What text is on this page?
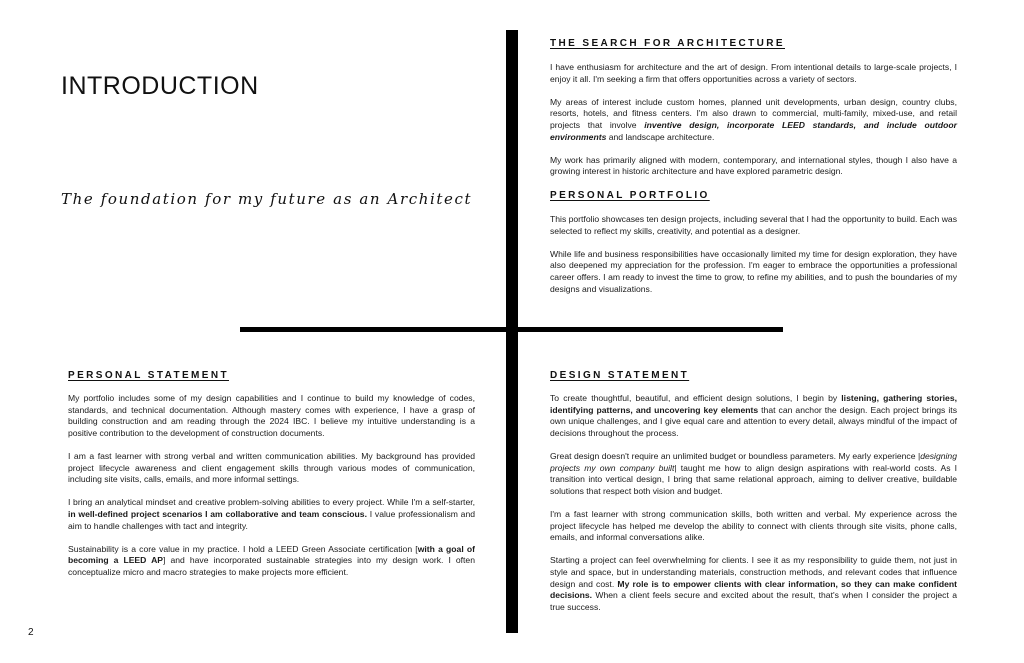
INTRODUCTION
The foundation for my future as an Architect
THE SEARCH FOR ARCHITECTURE

I have enthusiasm for architecture and the art of design. From intentional details to large-scale projects, I enjoy it all. I'm seeking a firm that offers opportunities across a variety of sectors.

My areas of interest include custom homes, planned unit developments, urban design, country clubs, resorts, hotels, and fitness centers. I'm also drawn to commercial, multi-family, mixed-use, and retail projects that involve inventive design, incorporate LEED standards, and include outdoor environments and landscape architecture.

My work has primarily aligned with modern, contemporary, and international styles, though I also have a growing interest in historic architecture and have explored parametric design.

PERSONAL PORTFOLIO

This portfolio showcases ten design projects, including several that I had the opportunity to build. Each was selected to reflect my skills, creativity, and potential as a designer.

While life and business responsibilities have occasionally limited my time for design exploration, they have also deepened my appreciation for the profession. I'm eager to embrace the opportunities a professional career offers. I am ready to invest the time to grow, to refine my abilities, and to push the boundaries of my designs and visualizations.

PERSONAL STATEMENT

My portfolio includes some of my design capabilities and I continue to build my knowledge of codes, standards, and technical documentation. Although mastery comes with experience, I have a grasp of building construction and am reading through the 2024 IBC. I believe my intuitive understanding is a positive contribution to the development of construction documents.

I am a fast learner with strong verbal and written communication abilities. My background has provided project lifecycle awareness and client engagement skills through various modes of communication, including site visits, calls, emails, and more informal settings.

I bring an analytical mindset and creative problem-solving abilities to every project. While I'm a self-starter, in well-defined project scenarios I am collaborative and team conscious. I value professionalism and aim to handle challenges with tact and integrity.

Sustainability is a core value in my practice. I hold a LEED Green Associate certification [with a goal of becoming a LEED AP] and have incorporated sustainable strategies into my design work. I often conceptualize micro and macro strategies to make projects more efficient.

DESIGN STATEMENT

To create thoughtful, beautiful, and efficient design solutions, I begin by listening, gathering stories, identifying patterns, and uncovering key elements that can anchor the design. Each project brings its own unique challenges, and I give equal care and attention to every detail, always mindful of the impact of decisions throughout the process.

Great design doesn't require an unlimited budget or boundless parameters. My early experience |designing projects my own company built| taught me how to align design aspirations with real-world costs. As I transition into vertical design, I bring that same relational approach, aiming to deliver creative, buildable solutions that respect both vision and budget.

I'm a fast learner with strong communication skills, both written and verbal. My experience across the project lifecycle has helped me develop the ability to connect with clients through site visits, phone calls, emails, and informal conversations alike.

Starting a project can feel overwhelming for clients. I see it as my responsibility to guide them, not just in style and space, but in understanding materials, construction methods, and relevant codes that influence design and cost. My role is to empower clients with clear information, so they can make confident decisions. When a client feels secure and excited about the result, that's when I consider the project a true success.

2
